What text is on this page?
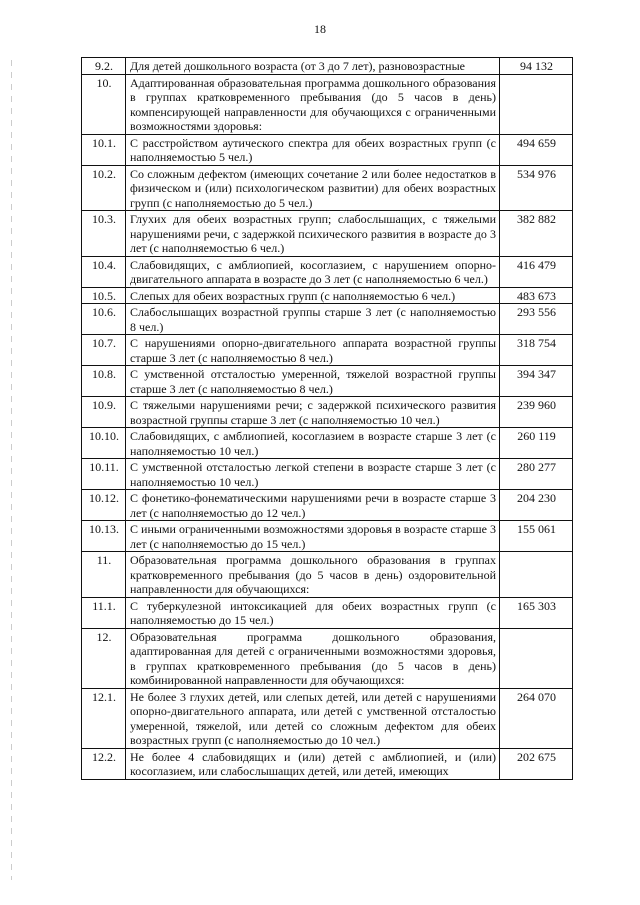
18
9.2.	Для детей дошкольного возраста (от 3 до 7 лет), разновозрастные	94 132
10.	Адаптированная образовательная программа дошкольного образования в группах кратковременного пребывания (до 5 часов в день) компенсирующей направленности для обучающихся с ограниченными возможностями здоровья:	
10.1.	С расстройством аутического спектра для обеих возрастных групп (с наполняемостью 5 чел.)	494 659
10.2.	Со сложным дефектом (имеющих сочетание 2 или более недостатков в физическом и (или) психологическом развитии) для обеих возрастных групп (с наполняемостью до 5 чел.)	534 976
10.3.	Глухих для обеих возрастных групп; слабослышащих, с тяжелыми нарушениями речи, с задержкой психического развития в возрасте до 3 лет (с наполняемостью 6 чел.)	382 882
10.4.	Слабовидящих, с амблиопией, косоглазием, с нарушением опорно-двигательного аппарата в возрасте до 3 лет (с наполняемостью 6 чел.)	416 479
10.5.	Слепых для обеих возрастных групп (с наполняемостью 6 чел.)	483 673
10.6.	Слабослышащих возрастной группы старше 3 лет (с наполняемостью 8 чел.)	293 556
10.7.	С нарушениями опорно-двигательного аппарата возрастной группы старше 3 лет (с наполняемостью 8 чел.)	318 754
10.8.	С умственной отсталостью умеренной, тяжелой возрастной группы старше 3 лет (с наполняемостью 8 чел.)	394 347
10.9.	С тяжелыми нарушениями речи; с задержкой психического развития возрастной группы старше 3 лет (с наполняемостью 10 чел.)	239 960
10.10.	Слабовидящих, с амблиопией, косоглазием в возрасте старше 3 лет (с наполняемостью 10 чел.)	260 119
10.11.	С умственной отсталостью легкой степени в возрасте старше 3 лет (с наполняемостью 10 чел.)	280 277
10.12.	С фонетико-фонематическими нарушениями речи в возрасте старше 3 лет (с наполняемостью до 12 чел.)	204 230
10.13.	С иными ограниченными возможностями здоровья в возрасте старше 3 лет (с наполняемостью до 15 чел.)	155 061
11.	Образовательная программа дошкольного образования в группах кратковременного пребывания (до 5 часов в день) оздоровительной направленности для обучающихся:	
11.1.	С туберкулезной интоксикацией для обеих возрастных групп (с наполняемостью до 15 чел.)	165 303
12.	Образовательная программа дошкольного образования, адаптированная для детей с ограниченными возможностями здоровья, в группах кратковременного пребывания (до 5 часов в день) комбинированной направленности для обучающихся:	
12.1.	Не более 3 глухих детей, или слепых детей, или детей с нарушениями опорно-двигательного аппарата, или детей с умственной отсталостью умеренной, тяжелой, или детей со сложным дефектом для обеих возрастных групп (с наполняемостью до 10 чел.)	264 070
12.2.	Не более 4 слабовидящих и (или) детей с амблиопией, и (или) косоглазием, или слабослышащих детей, или детей, имеющих	202 675
